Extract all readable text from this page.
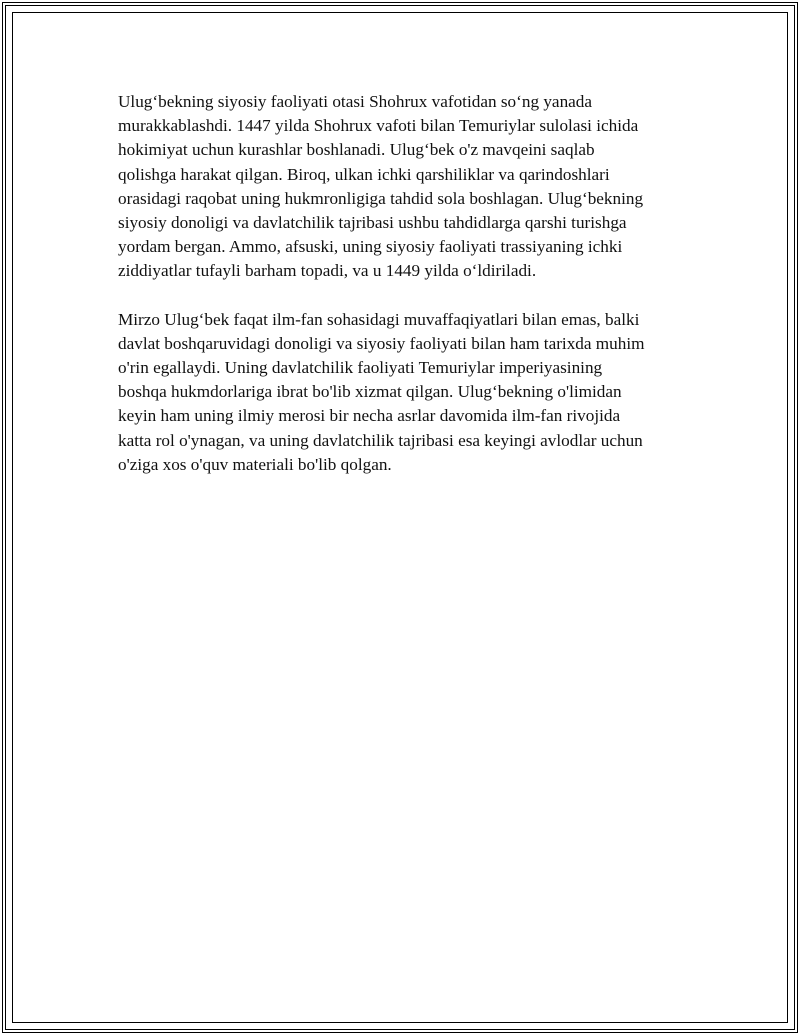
Ulug‘bekning siyosiy faoliyati otasi Shohrux vafotidan so‘ng yanada
murakkablashdi. 1447 yilda Shohrux vafoti bilan Temuriylar sulolasi ichida
hokimiyat uchun kurashlar boshlanadi. Ulug‘bek o'z mavqeini saqlab
qolishga harakat qilgan. Biroq, ulkan ichki qarshiliklar va qarindoshlari
orasidagi raqobat uning hukmronligiga tahdid sola boshlagan. Ulug‘bekning
siyosiy donoligi va davlatchilik tajribasi ushbu tahdidlarga qarshi turishga
yordam bergan. Ammo, afsuski, uning siyosiy faoliyati trassiyaning ichki
ziddiyatlar tufayli barham topadi, va u 1449 yilda o‘ldiriladi.

Mirzo Ulug‘bek faqat ilm-fan sohasidagi muvaffaqiyatlari bilan emas, balki
davlat boshqaruvidagi donoligi va siyosiy faoliyati bilan ham tarixda muhim
o'rin egallaydi. Uning davlatchilik faoliyati Temuriylar imperiyasining
boshqa hukmdorlariga ibrat bo'lib xizmat qilgan. Ulug‘bekning o'limidan
keyin ham uning ilmiy merosi bir necha asrlar davomida ilm-fan rivojida
katta rol o'ynagan, va uning davlatchilik tajribasi esa keyingi avlodlar uchun
o'ziga xos o'quv materiali bo'lib qolgan.
